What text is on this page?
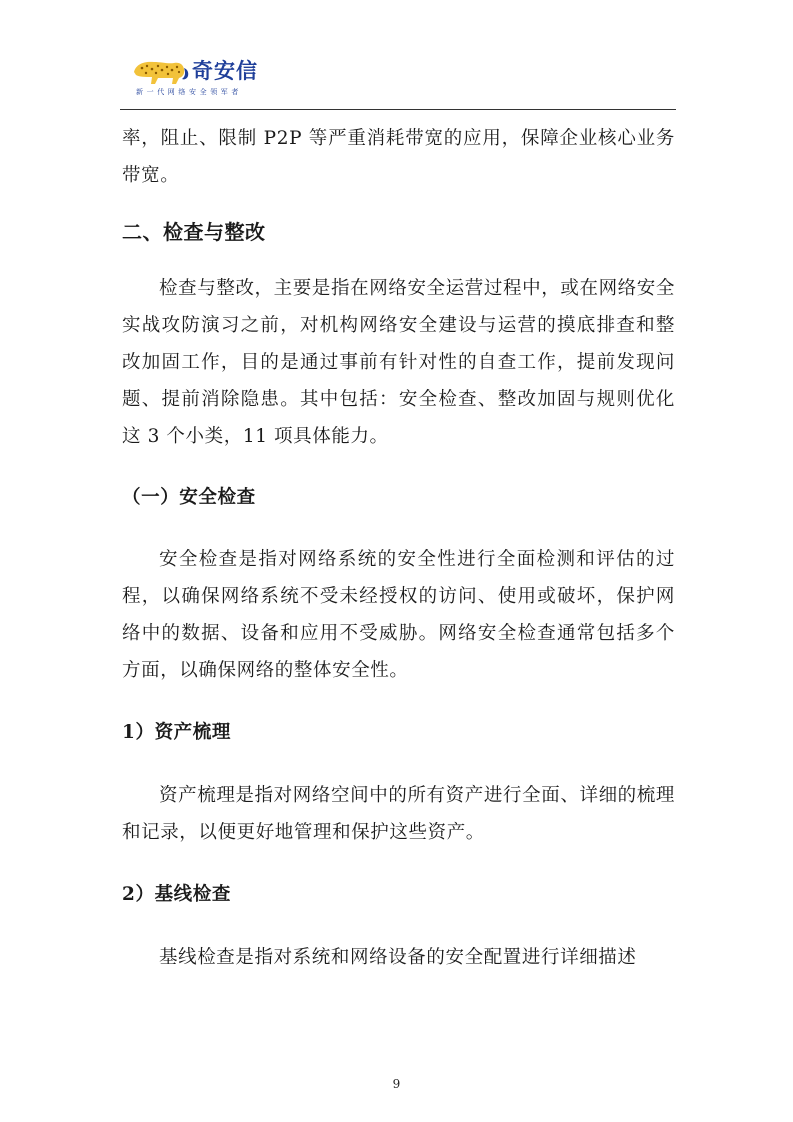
奇安信
新一代网络安全领军者

率，阻止、限制 P2P 等严重消耗带宽的应用，保障企业核心业务带宽。

二、检查与整改

检查与整改，主要是指在网络安全运营过程中，或在网络安全实战攻防演习之前，对机构网络安全建设与运营的摸底排查和整改加固工作，目的是通过事前有针对性的自查工作，提前发现问题、提前消除隐患。其中包括：安全检查、整改加固与规则优化这 3 个小类，11 项具体能力。

（一）安全检查

安全检查是指对网络系统的安全性进行全面检测和评估的过程，以确保网络系统不受未经授权的访问、使用或破坏，保护网络中的数据、设备和应用不受威胁。网络安全检查通常包括多个方面，以确保网络的整体安全性。

1）资产梳理

资产梳理是指对网络空间中的所有资产进行全面、详细的梳理和记录，以便更好地管理和保护这些资产。

2）基线检查

基线检查是指对系统和网络设备的安全配置进行详细描述

9
